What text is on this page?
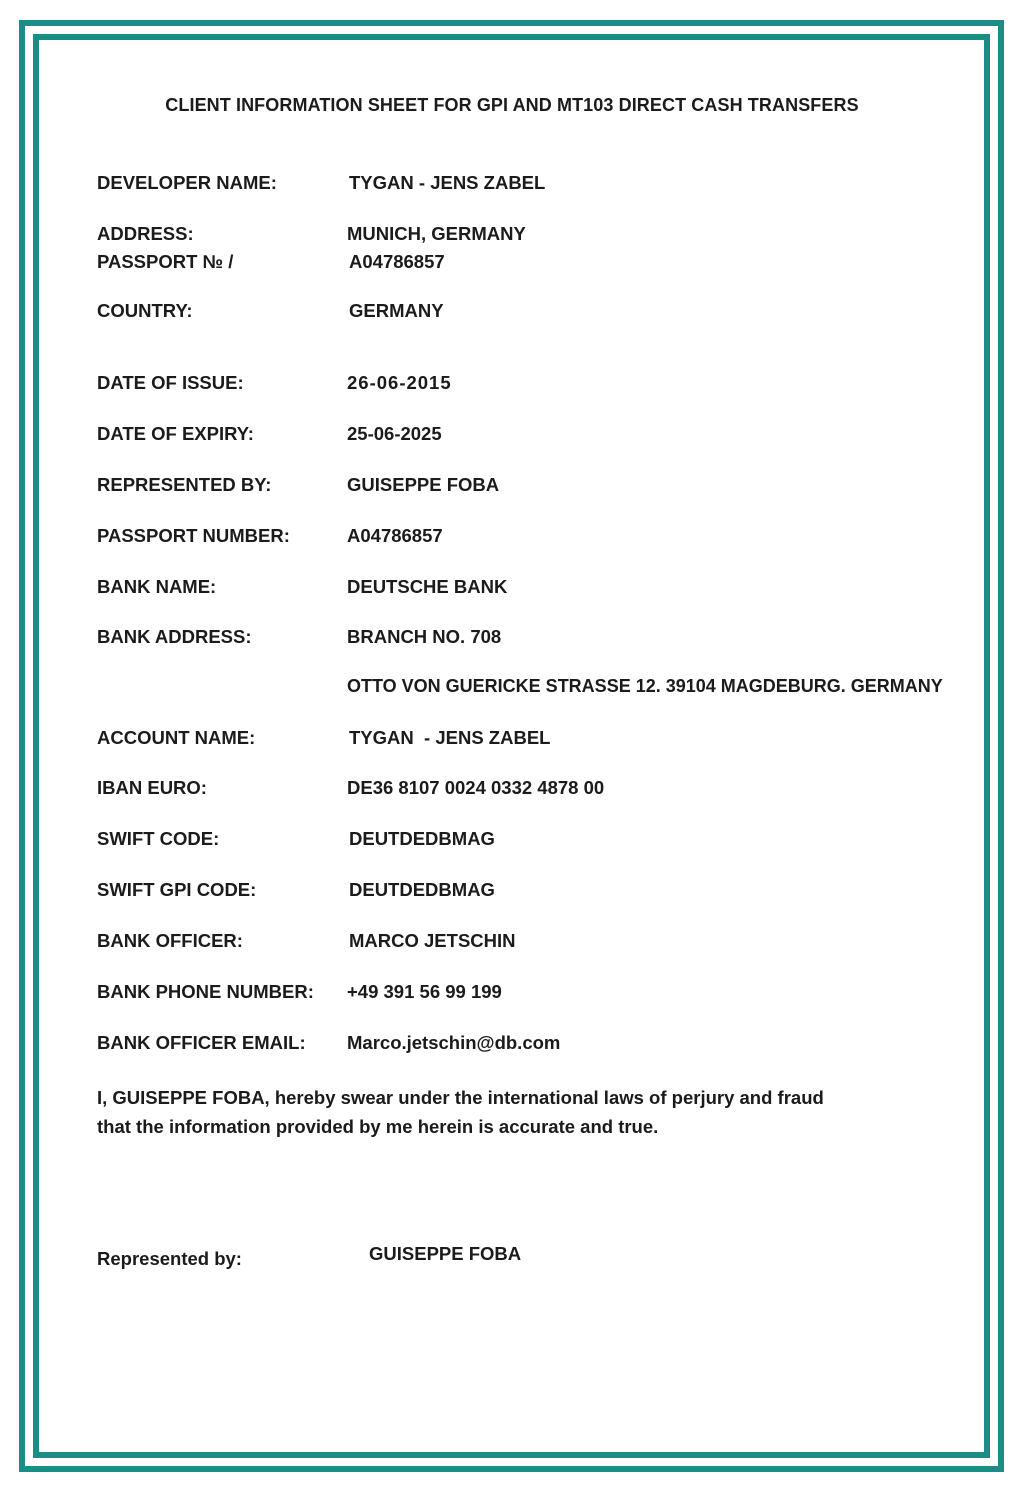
CLIENT INFORMATION SHEET FOR GPI AND MT103 DIRECT CASH TRANSFERS
DEVELOPER NAME:	TYGAN - JENS ZABEL
ADDRESS:	MUNICH, GERMANY
PASSPORT № /	A04786857
COUNTRY:	GERMANY
DATE OF ISSUE:	26-06-2015
DATE OF EXPIRY:	25-06-2025
REPRESENTED BY:	GUISEPPE FOBA
PASSPORT NUMBER:	A04786857
BANK NAME:	DEUTSCHE BANK
BANK ADDRESS:	BRANCH NO. 708
OTTO VON GUERICKE STRASSE 12. 39104 MAGDEBURG. GERMANY
ACCOUNT NAME:	TYGAN  - JENS ZABEL
IBAN EURO:	DE36 8107 0024 0332 4878 00
SWIFT CODE:	DEUTDEDBMAG
SWIFT GPI CODE:	DEUTDEDBMAG
BANK OFFICER:	MARCO JETSCHIN
BANK PHONE NUMBER: +49 391 56 99 199
BANK OFFICER EMAIL: Marco.jetschin@db.com
I, GUISEPPE FOBA, hereby swear under the international laws of perjury and fraud
that the information provided by me herein is accurate and true.
Represented by:	GUISEPPE FOBA
